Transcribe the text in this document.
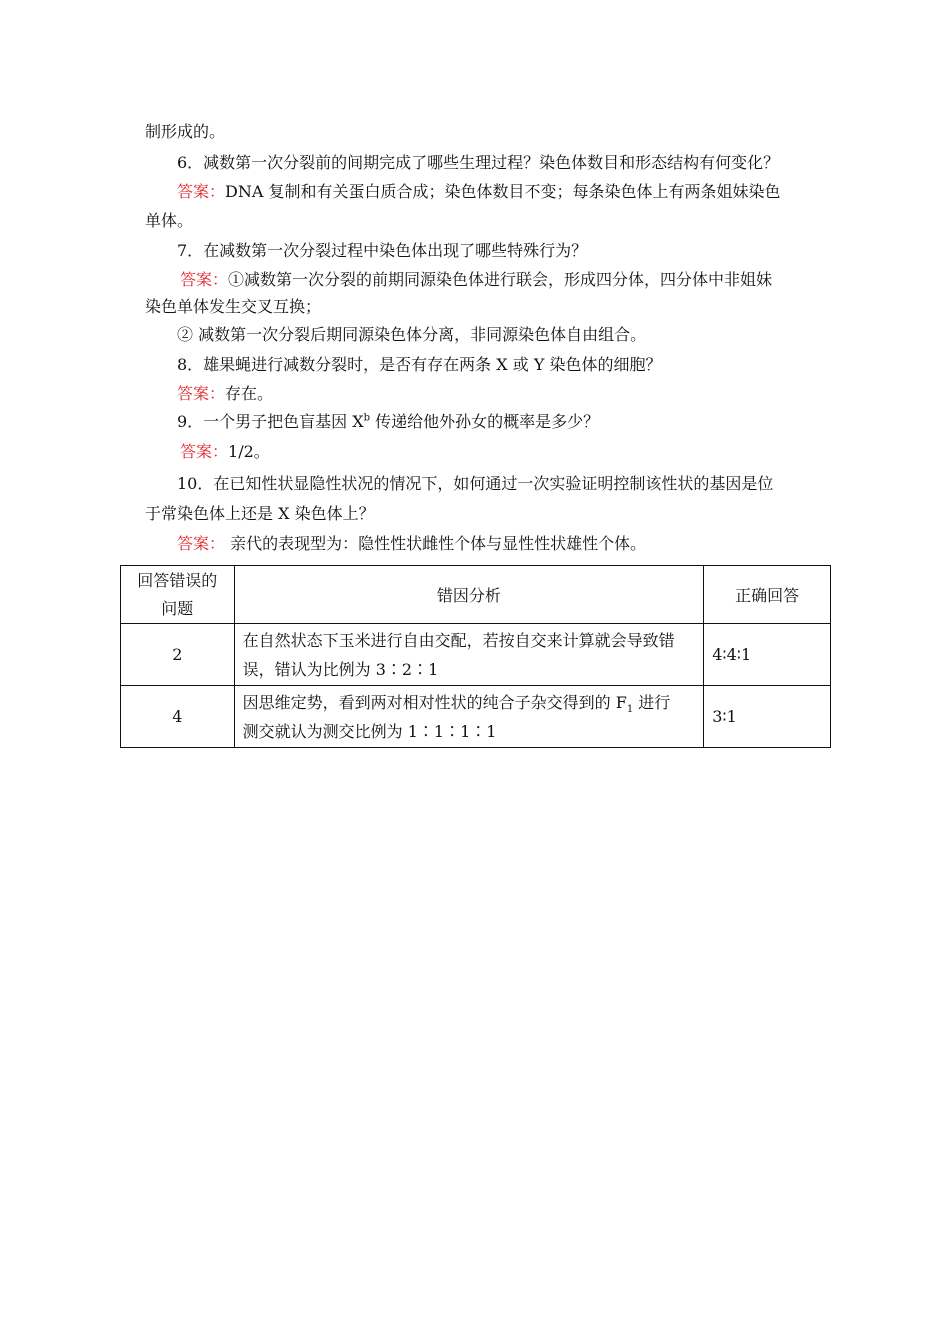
制形成的。
6．减数第一次分裂前的间期完成了哪些生理过程？染色体数目和形态结构有何变化？
答案：DNA 复制和有关蛋白质合成；染色体数目不变；每条染色体上有两条姐妹染色
单体。
7．在减数第一次分裂过程中染色体出现了哪些特殊行为？
答案：①减数第一次分裂的前期同源染色体进行联会，形成四分体，四分体中非姐妹
染色单体发生交叉互换；
② 减数第一次分裂后期同源染色体分离，非同源染色体自由组合。
8．雄果蝇进行减数分裂时，是否有存在两条 X 或 Y 染色体的细胞？
答案：存在。
9．一个男子把色盲基因 $X^b$ 传递给他外孙女的概率是多少？
答案：1/2。
10．在已知性状显隐性状况的情况下，如何通过一次实验证明控制该性状的基因是位
于常染色体上还是 X 染色体上？
答案： 亲代的表现型为：隐性性状雌性个体与显性性状雄性个体。
回答错误的
问题	错因分析	正确回答
2	在自然状态下玉米进行自由交配，若按自交来计算就会导致错
误，错认为比例为 3∶2∶1	4∶4∶1

4	因思维定势，看到两对相对性状的纯合子杂交得到的 $F_1$ 进行
测交就认为测交比例为 1∶1∶1∶1	3∶1
